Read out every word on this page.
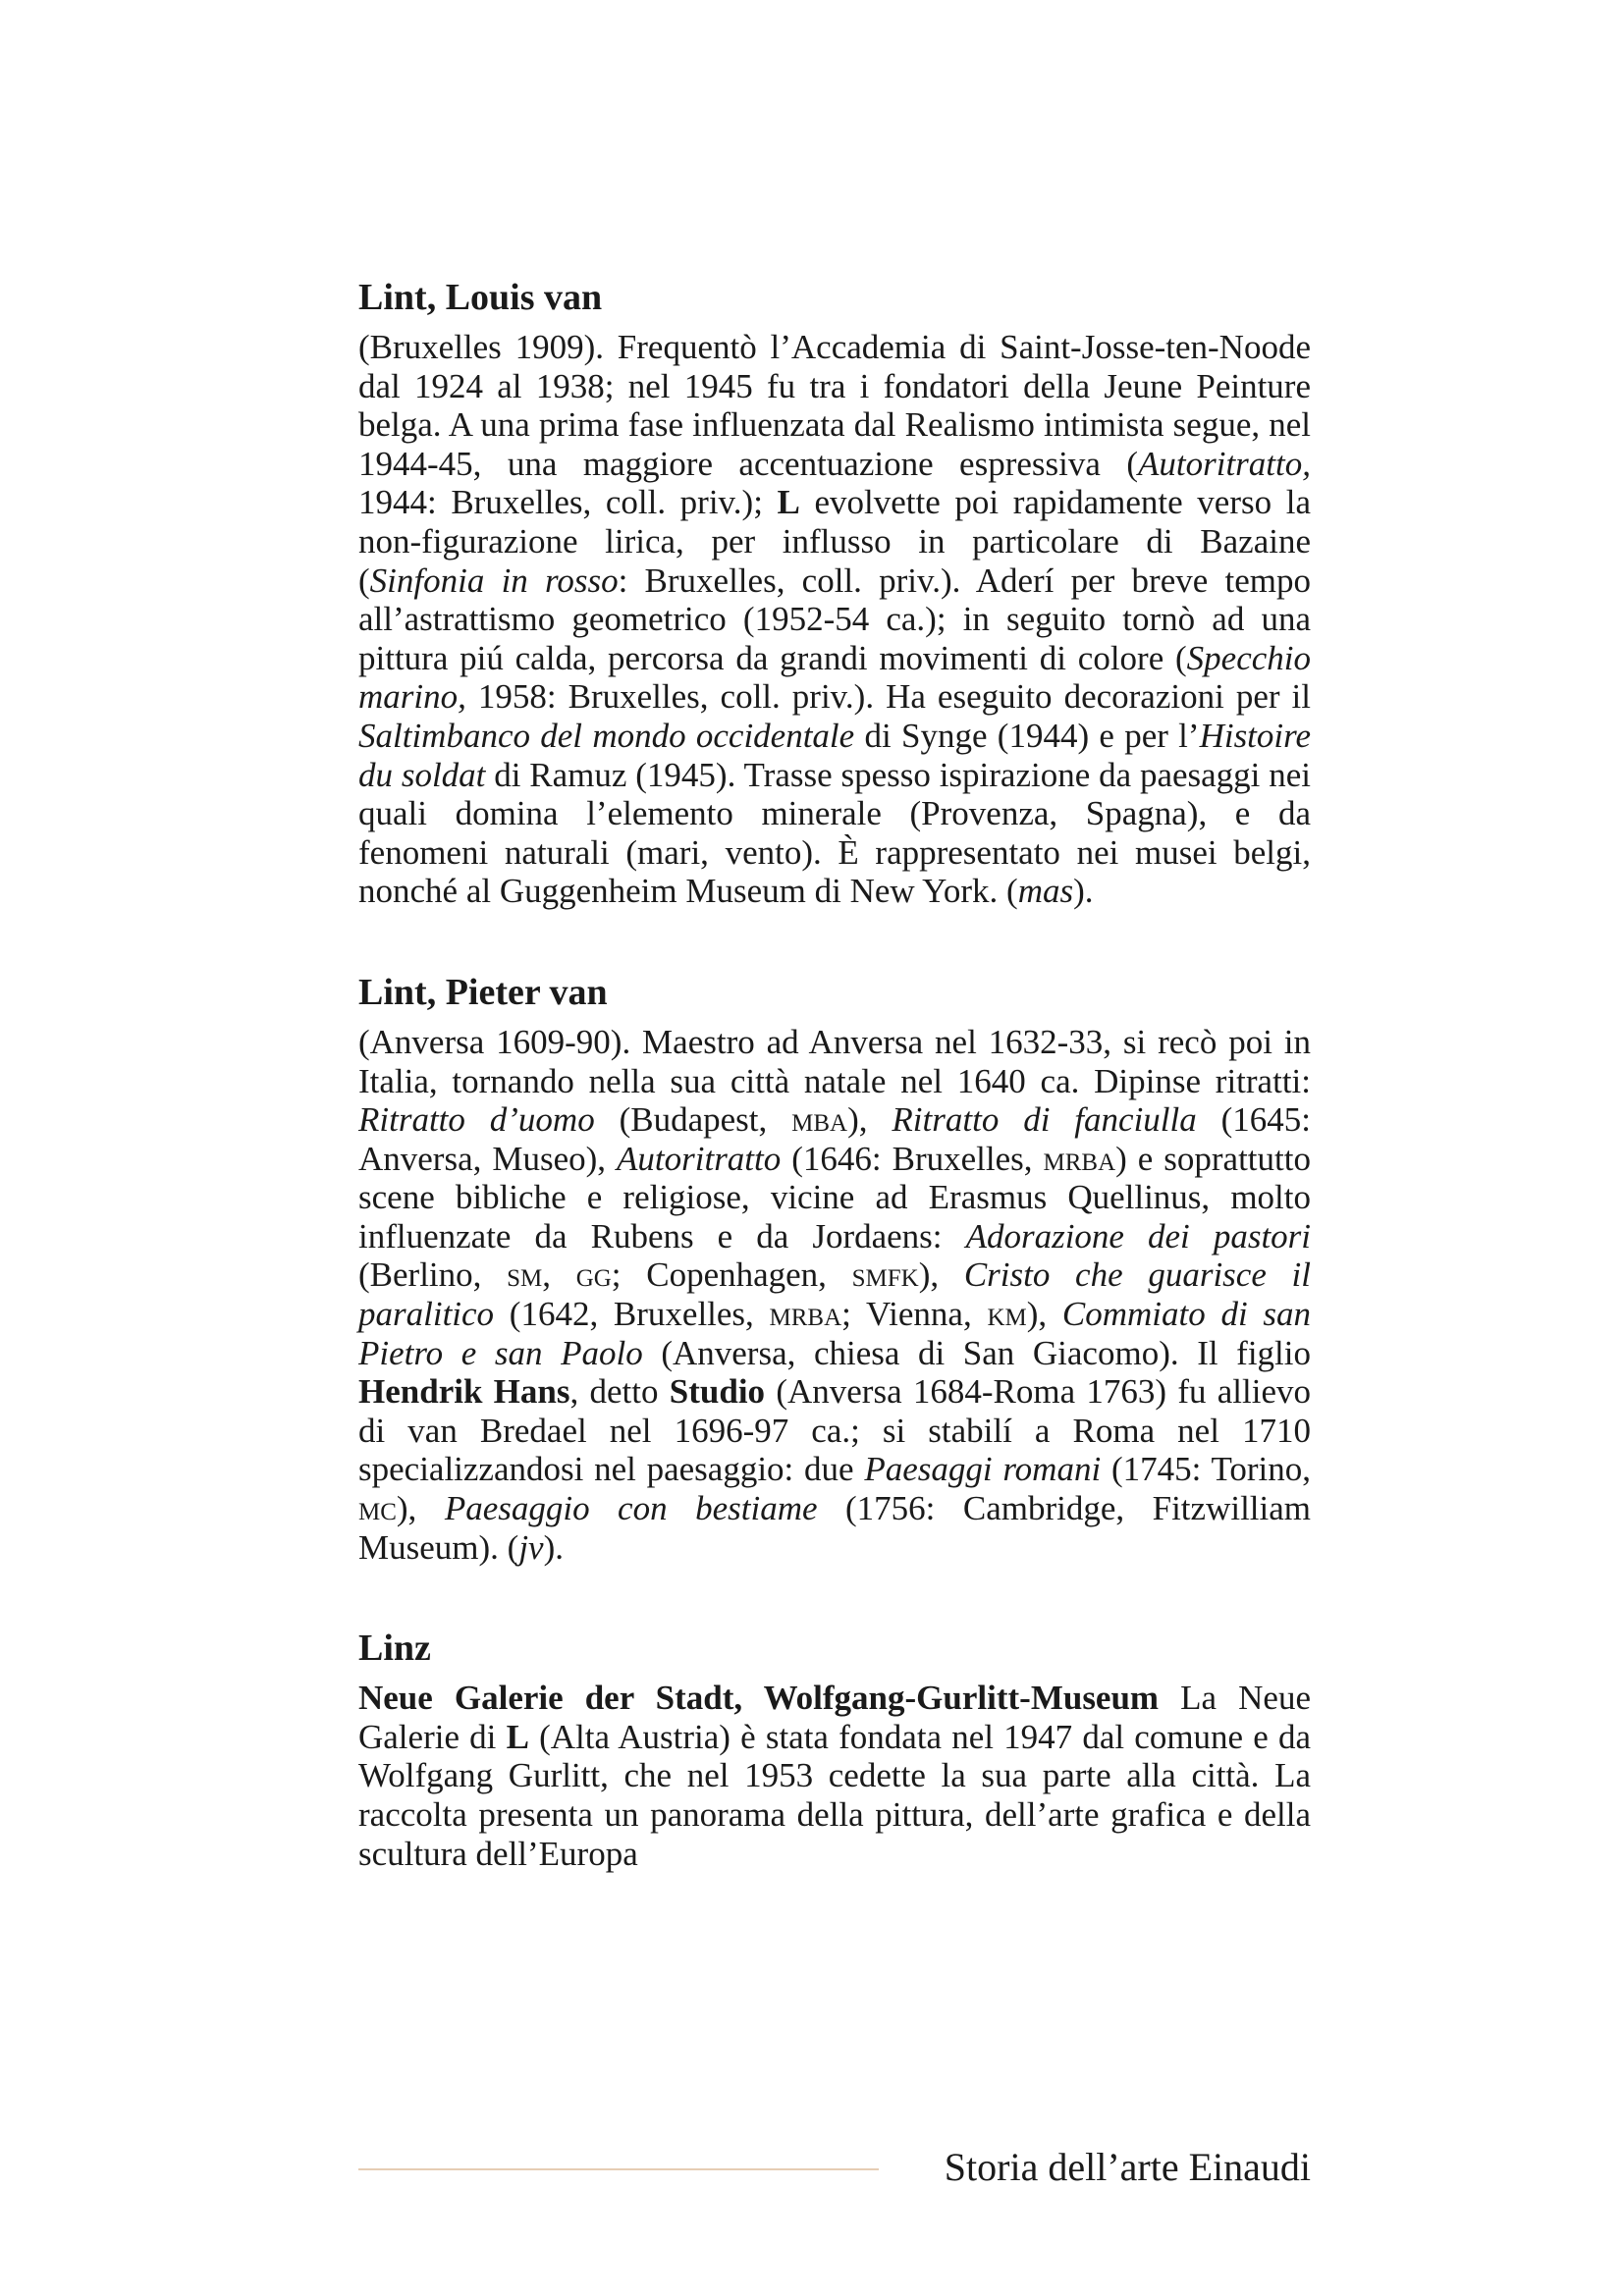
Lint, Louis van

(Bruxelles 1909). Frequentò l’Accademia di Saint-Josse-ten-Noode dal 1924 al 1938; nel 1945 fu tra i fondatori della Jeune Peinture belga. A una prima fase influenzata dal Realismo intimista segue, nel 1944-45, una maggiore accentuazione espressiva (Autoritratto, 1944: Bruxelles, coll. priv.); L evolvette poi rapidamente verso la non-figurazione lirica, per influsso in particolare di Bazaine (Sinfonia in rosso: Bruxelles, coll. priv.). Aderí per breve tempo all’astrattismo geometrico (1952-54 ca.); in seguito tornò ad una pittura piú calda, percorsa da grandi movimenti di colore (Specchio marino, 1958: Bruxelles, coll. priv.). Ha eseguito decorazioni per il Saltimbanco del mondo occidentale di Synge (1944) e per l’Histoire du soldat di Ramuz (1945). Trasse spesso ispirazione da paesaggi nei quali domina l’elemento minerale (Provenza, Spagna), e da fenomeni naturali (mari, vento). È rappresentato nei musei belgi, nonché al Guggenheim Museum di New York. (mas).

Lint, Pieter van

(Anversa 1609-90). Maestro ad Anversa nel 1632-33, si recò poi in Italia, tornando nella sua città natale nel 1640 ca. Dipinse ritratti: Ritratto d’uomo (Budapest, mba), Ritratto di fanciulla (1645: Anversa, Museo), Autoritratto (1646: Bruxelles, mrba) e soprattutto scene bibliche e religiose, vicine ad Erasmus Quellinus, molto influenzate da Rubens e da Jordaens: Adorazione dei pastori (Berlino, sm, gg; Copenhagen, smfk), Cristo che guarisce il paralitico (1642, Bruxelles, mrba; Vienna, km), Commiato di san Pietro e san Paolo (Anversa, chiesa di San Giacomo). Il figlio Hendrik Hans, detto Studio (Anversa 1684-Roma 1763) fu allievo di van Bredael nel 1696-97 ca.; si stabilí a Roma nel 1710 specializzandosi nel paesaggio: due Paesaggi romani (1745: Torino, mc), Paesaggio con bestiame (1756: Cambridge, Fitzwilliam Museum). (jv).

Linz

Neue Galerie der Stadt, Wolfgang-Gurlitt-Museum La Neue Galerie di L (Alta Austria) è stata fondata nel 1947 dal comune e da Wolfgang Gurlitt, che nel 1953 cedette la sua parte alla città. La raccolta presenta un panorama della pittura, dell’arte grafica e della scultura dell’Europa

Storia dell’arte Einaudi
